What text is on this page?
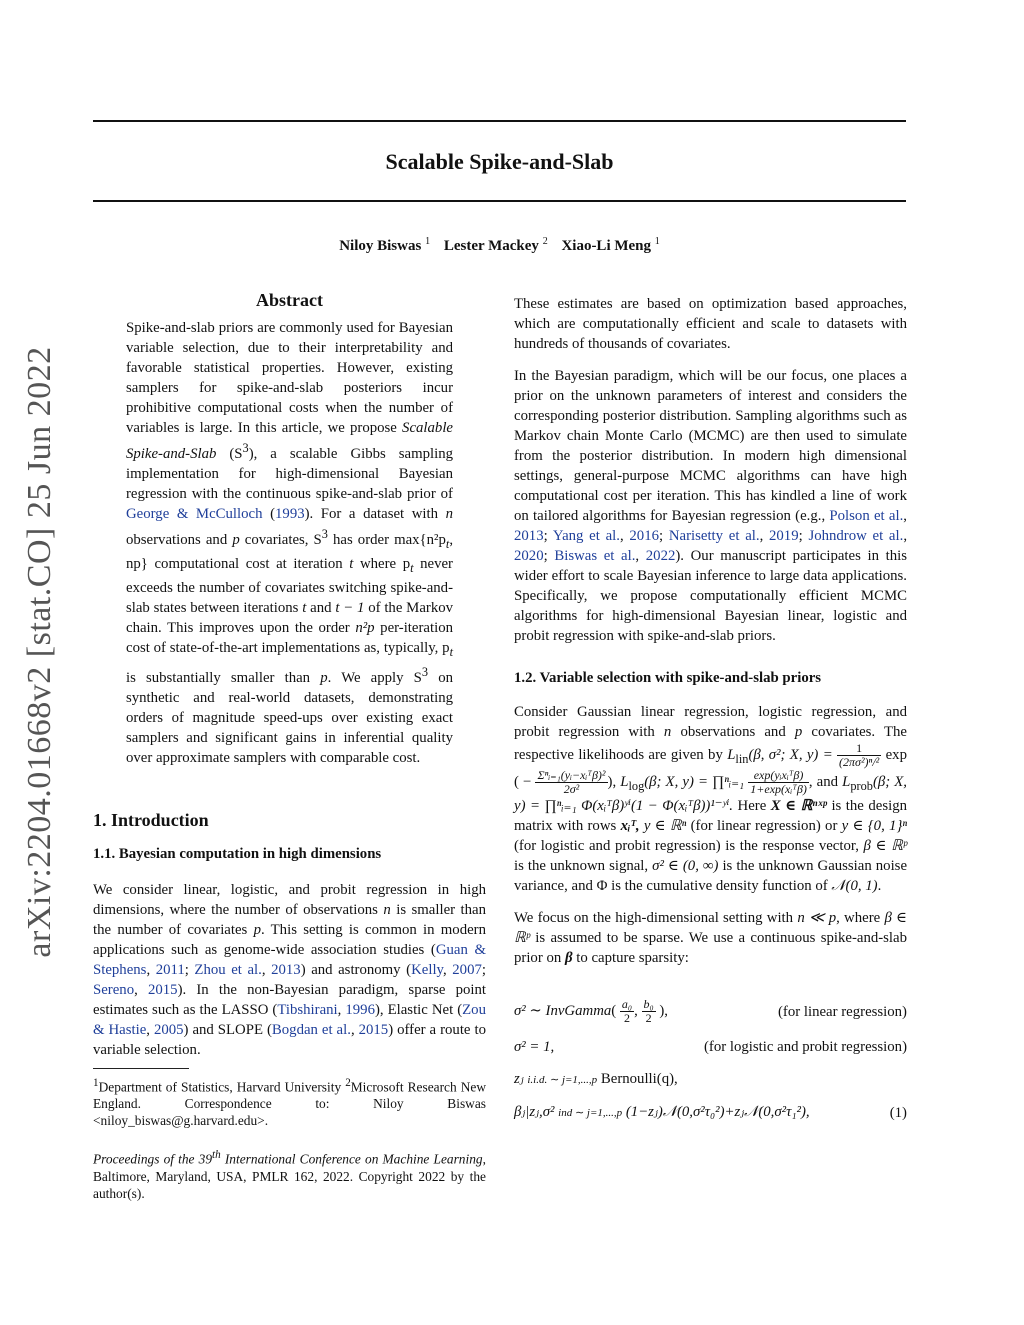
Scalable Spike-and-Slab
Niloy Biswas $^1$ Lester Mackey $^2$ Xiao-Li Meng $^1$
arXiv:2204.01668v2 [stat.CO] 25 Jun 2022
Abstract

Spike-and-slab priors are commonly used for Bayesian variable selection, due to their interpretability and favorable statistical properties. However, existing samplers for spike-and-slab posteriors incur prohibitive computational costs when the number of variables is large. In this article, we propose Scalable Spike-and-Slab $(S^3)$, a scalable Gibbs sampling implementation for high-dimensional Bayesian regression with the continuous spike-and-slab prior of George & McCulloch (1993). For a dataset with n observations and p covariates, $S^3$ has order $\max\{n^2p_t$, np} computational cost at iteration t where $p_t$ never exceeds the number of covariates switching spike-and-slab states between iterations t and t − 1 of the Markov chain. This improves upon the order n²p per-iteration cost of state-of-the-art implementations as, typically, $p_t$ is substantially smaller than p. We apply $S^3$ on synthetic and real-world datasets, demonstrating orders of magnitude speed-ups over existing exact samplers and significant gains in inferential quality over approximate samplers with comparable cost.

1. Introduction
1.1. Bayesian computation in high dimensions

We consider linear, logistic, and probit regression in high dimensions, where the number of observations n is smaller than the number of covariates p. This setting is common in modern applications such as genome-wide association studies (Guan & Stephens, 2011; Zhou et al., 2013) and astronomy (Kelly, 2007; Sereno, 2015). In the non-Bayesian paradigm, sparse point estimates such as the LASSO (Tibshirani, 1996), Elastic Net (Zou & Hastie, 2005) and SLOPE (Bogdan et al., 2015) offer a route to variable selection.

$^1$Department of Statistics, Harvard University $^2$Microsoft Research New England. Correspondence to: Niloy Biswas <niloy_biswas@g.harvard.edu>.

Proceedings of the 39th International Conference on Machine Learning, Baltimore, Maryland, USA, PMLR 162, 2022. Copyright 2022 by the author(s).

These estimates are based on optimization based approaches, which are computationally efficient and scale to datasets with hundreds of thousands of covariates.

In the Bayesian paradigm, which will be our focus, one places a prior on the unknown parameters of interest and considers the corresponding posterior distribution. Sampling algorithms such as Markov chain Monte Carlo (MCMC) are then used to simulate from the posterior distribution. In modern high dimensional settings, general-purpose MCMC algorithms can have high computational cost per iteration. This has kindled a line of work on tailored algorithms for Bayesian regression (e.g., Polson et al., 2013; Yang et al., 2016; Narisetty et al., 2019; Johndrow et al., 2020; Biswas et al., 2022). Our manuscript participates in this wider effort to scale Bayesian inference to large data applications. Specifically, we propose computationally efficient MCMC algorithms for high-dimensional Bayesian linear, logistic and probit regression with spike-and-slab priors.

1.2. Variable selection with spike-and-slab priors

Consider Gaussian linear regression, logistic regression, and probit regression with n observations and p covariates. The respective likelihoods are given by $L_{lin}(\beta$, σ²; X, $y) = \frac{1}{\text{(2πσ²)ⁿ/²}}$ exp ( − $\frac{\text{Σⁿᵢ₌₁(yᵢ−xᵢᵀβ)²}}{\text{2σ²}}$ ), $L_{log}(\beta$; X, y) = ∏ⁿᵢ₌₁ $\frac{\text{exp(yᵢxᵢᵀβ)}}{\text{1+exp(xᵢᵀβ)}}$ , and $L_{prob}(\beta$; X, y) = ∏ⁿᵢ₌₁ Φ(xᵢᵀβ)ʸⁱ(1 − Φ(xᵢᵀβ))¹⁻ʸⁱ. Here X ∈ ℝⁿˣᵖ is the design matrix with rows xᵢᵀ, y ∈ ℝⁿ (for linear regression) or y ∈ {0, 1}ⁿ (for logistic and probit regression) is the response vector, β ∈ ℝᵖ is the unknown signal, σ² ∈ (0, ∞) is the unknown Gaussian noise variance, and Φ is the cumulative density function of 𝒩(0, 1).

We focus on the high-dimensional setting with n ≪ p, where β ∈ ℝᵖ is assumed to be sparse. We use a continuous spike-and-slab prior on β to capture sparsity:

σ² ∼ InvGamma( $\frac{\text{a₀}}{2}$ , $\frac{\text{b₀}}{2}$ ),	(for linear regression)
σ² = 1,	(for logistic and probit regression)
zⱼ i.i.d. ∼ j=1,...,p Bernoulli(q),
βⱼ|zⱼ,σ² ind ∼ j=1,...,p (1−zⱼ)𝒩(0,σ²τ₀²)+zⱼ𝒩(0,σ²τ₁²),	(1)
